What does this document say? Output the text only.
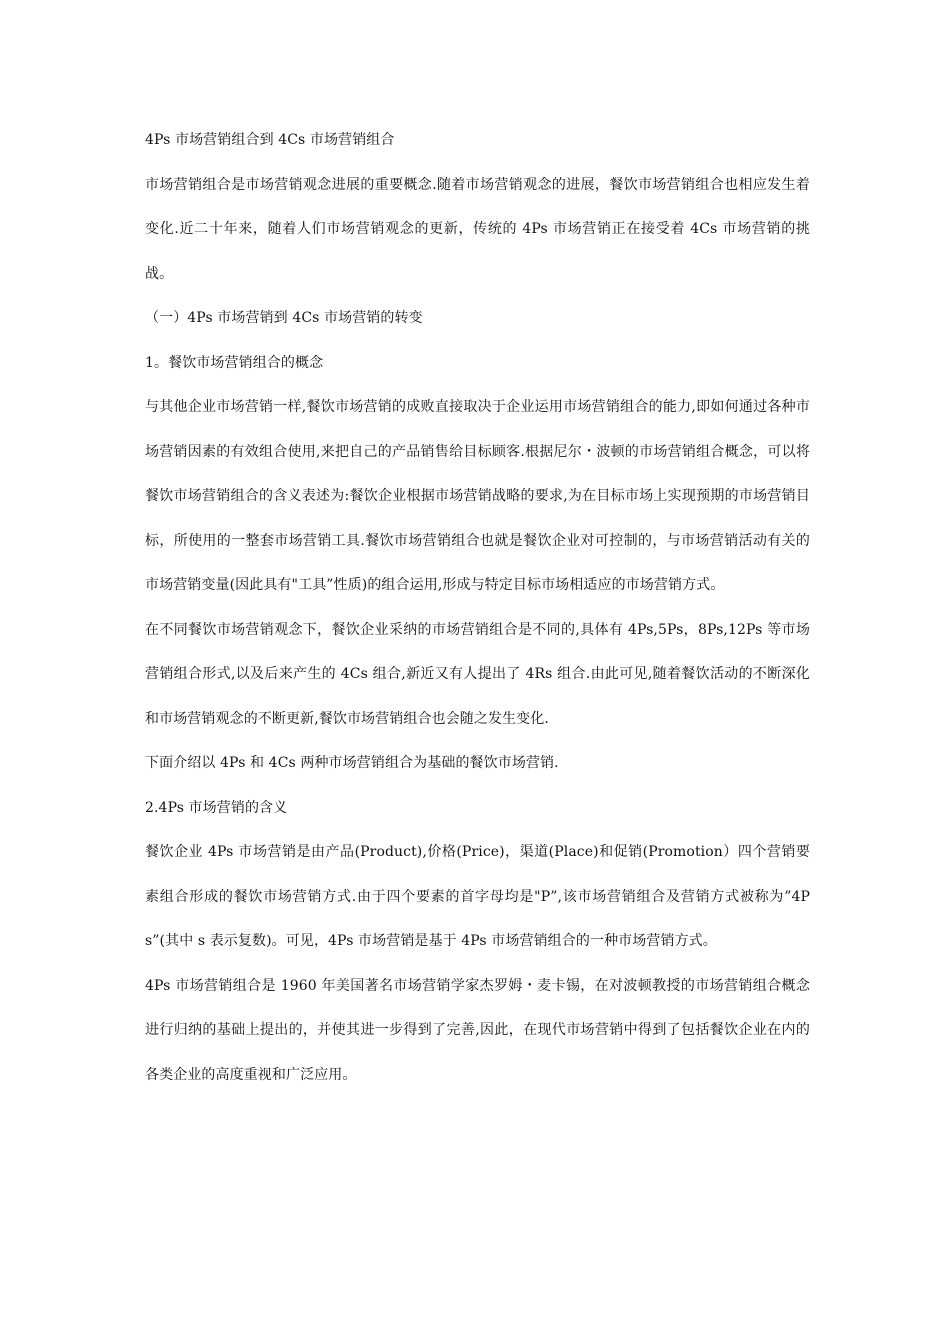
4Ps 市场营销组合到 4Cs 市场营销组合

市场营销组合是市场营销观念进展的重要概念.随着市场营销观念的进展，餐饮市场营销组合也相应发生着变化.近二十年来，随着人们市场营销观念的更新，传统的 4Ps 市场营销正在接受着 4Cs 市场营销的挑战。

（一）4Ps 市场营销到 4Cs 市场营销的转变

1。餐饮市场营销组合的概念

与其他企业市场营销一样,餐饮市场营销的成败直接取决于企业运用市场营销组合的能力,即如何通过各种市场营销因素的有效组合使用,来把自己的产品销售给目标顾客.根据尼尔・波顿的市场营销组合概念，可以将餐饮市场营销组合的含义表述为:餐饮企业根据市场营销战略的要求,为在目标市场上实现预期的市场营销目标，所使用的一整套市场营销工具.餐饮市场营销组合也就是餐饮企业对可控制的，与市场营销活动有关的市场营销变量(因此具有"工具”性质)的组合运用,形成与特定目标市场相适应的市场营销方式。

在不同餐饮市场营销观念下，餐饮企业采纳的市场营销组合是不同的,具体有 4Ps,5Ps，8Ps,12Ps 等市场营销组合形式,以及后来产生的 4Cs 组合,新近又有人提出了 4Rs 组合.由此可见,随着餐饮活动的不断深化和市场营销观念的不断更新,餐饮市场营销组合也会随之发生变化.

下面介绍以 4Ps 和 4Cs 两种市场营销组合为基础的餐饮市场营销.

2.4Ps 市场营销的含义

餐饮企业 4Ps 市场营销是由产品(Product),价格(Price)，渠道(Place)和促销(Promotion）四个营销要素组合形成的餐饮市场营销方式.由于四个要素的首字母均是"P”,该市场营销组合及营销方式被称为”4Ps”(其中 s 表示复数)。可见，4Ps 市场营销是基于 4Ps 市场营销组合的一种市场营销方式。

4Ps 市场营销组合是 1960 年美国著名市场营销学家杰罗姆・麦卡锡，在对波顿教授的市场营销组合概念进行归纳的基础上提出的，并使其进一步得到了完善,因此，在现代市场营销中得到了包括餐饮企业在内的各类企业的高度重视和广泛应用。
